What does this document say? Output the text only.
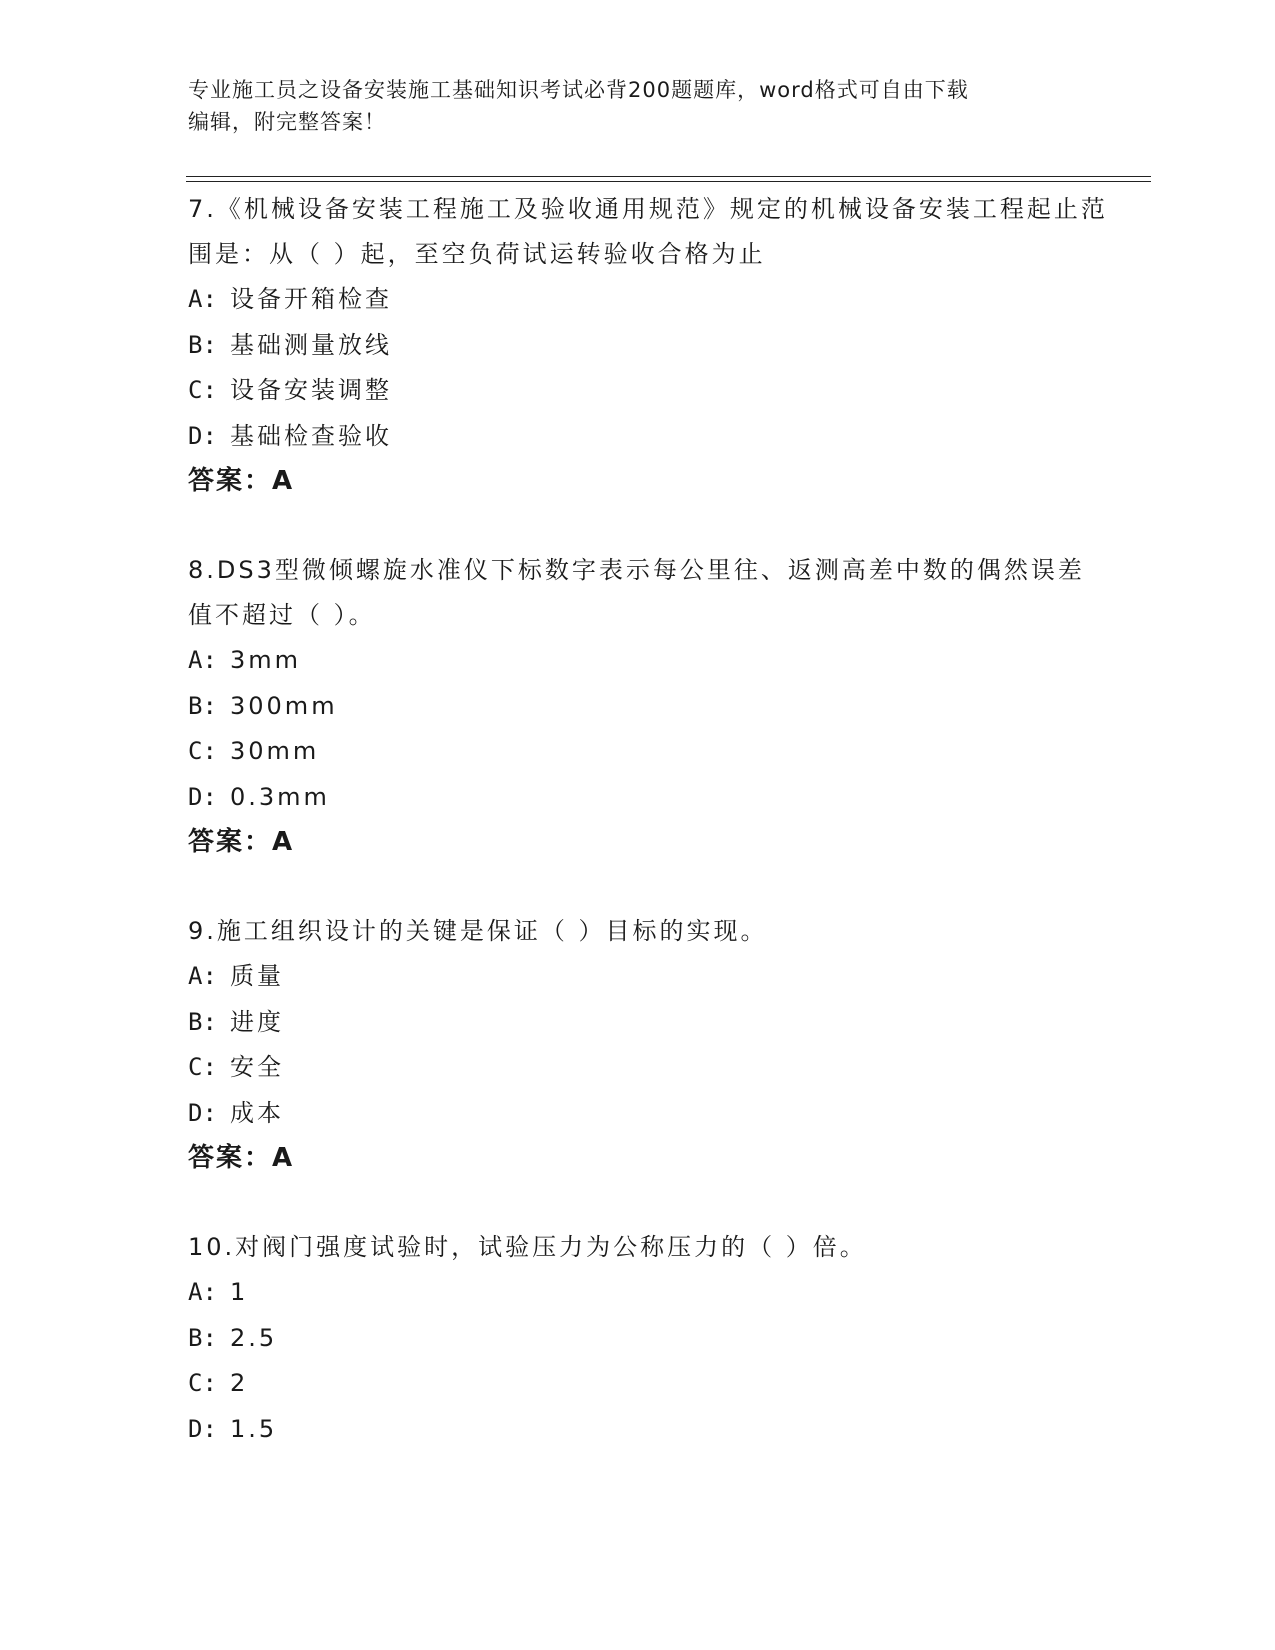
专业施工员之设备安装施工基础知识考试必背200题题库，word格式可自由下载
编辑，附完整答案！

7.《机械设备安装工程施工及验收通用规范》规定的机械设备安装工程起止范围是：从（ ）起，至空负荷试运转验收合格为止

A: 设备开箱检查
B: 基础测量放线
C: 设备安装调整
D: 基础检查验收
答案：A

8.DS3型微倾螺旋水准仪下标数字表示每公里往、返测高差中数的偶然误差值不超过（ ）。

A: 3mm
B: 300mm
C: 30mm
D: 0.3mm
答案：A

9.施工组织设计的关键是保证（ ）目标的实现。

A: 质量
B: 进度
C: 安全
D: 成本
答案：A

10.对阀门强度试验时，试验压力为公称压力的（ ）倍。

A: 1
B: 2.5
C: 2
D: 1.5
